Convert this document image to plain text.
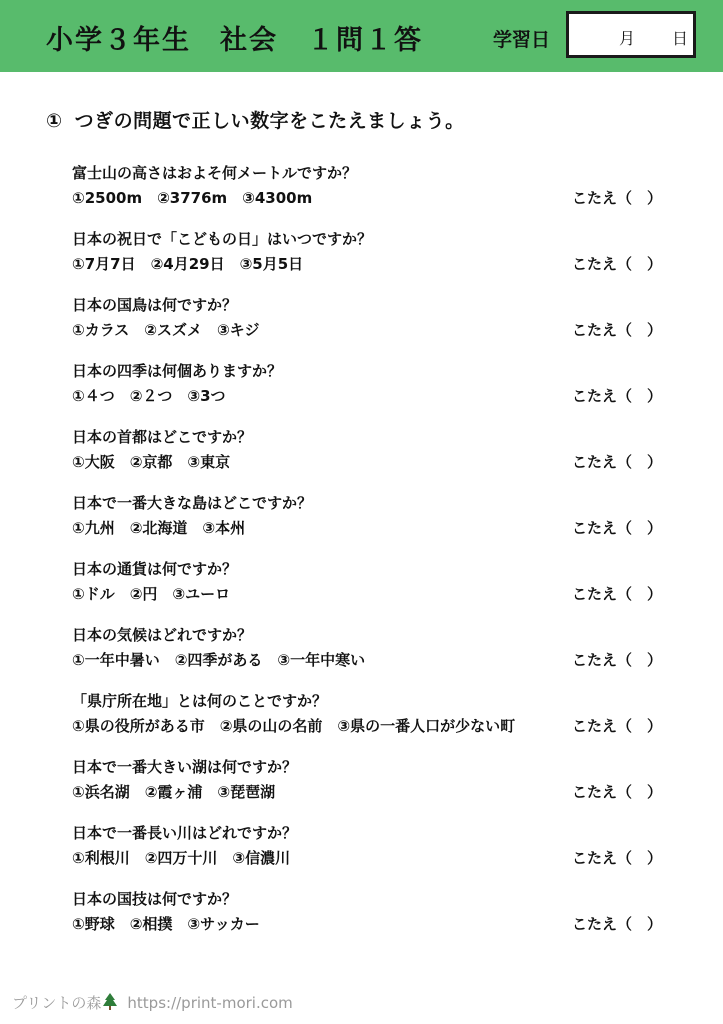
小学３年生　社会　１問１答	学習日	月 日
① つぎの問題で正しい数字をこたえましょう。
富士山の高さはおよそ何メートルですか？
①2500m　②3776m　③4300m	こたえ（　）
日本の祝日で「こどもの日」はいつですか？
①7月7日　②4月29日　③5月5日	こたえ（　）
日本の国鳥は何ですか？
①カラス　②スズメ　③キジ	こたえ（　）
日本の四季は何個ありますか？
①４つ　②２つ　③3つ	こたえ（　）
日本の首都はどこですか？
①大阪　②京都　③東京	こたえ（　）
日本で一番大きな島はどこですか？
①九州　②北海道　③本州	こたえ（　）
日本の通貨は何ですか？
①ドル　②円　③ユーロ	こたえ（　）
日本の気候はどれですか？
①一年中暑い　②四季がある　③一年中寒い	こたえ（　）
「県庁所在地」とは何のことですか？
①県の役所がある市　②県の山の名前　③県の一番人口が少ない町	こたえ（　）
日本で一番大きい湖は何ですか？
①浜名湖　②霞ヶ浦　③琵琶湖	こたえ（　）
日本で一番長い川はどれですか？
①利根川　②四万十川　③信濃川	こたえ（　）
日本の国技は何ですか？
①野球　②相撲　③サッカー	こたえ（　）
プリントの森 https://print-mori.com
